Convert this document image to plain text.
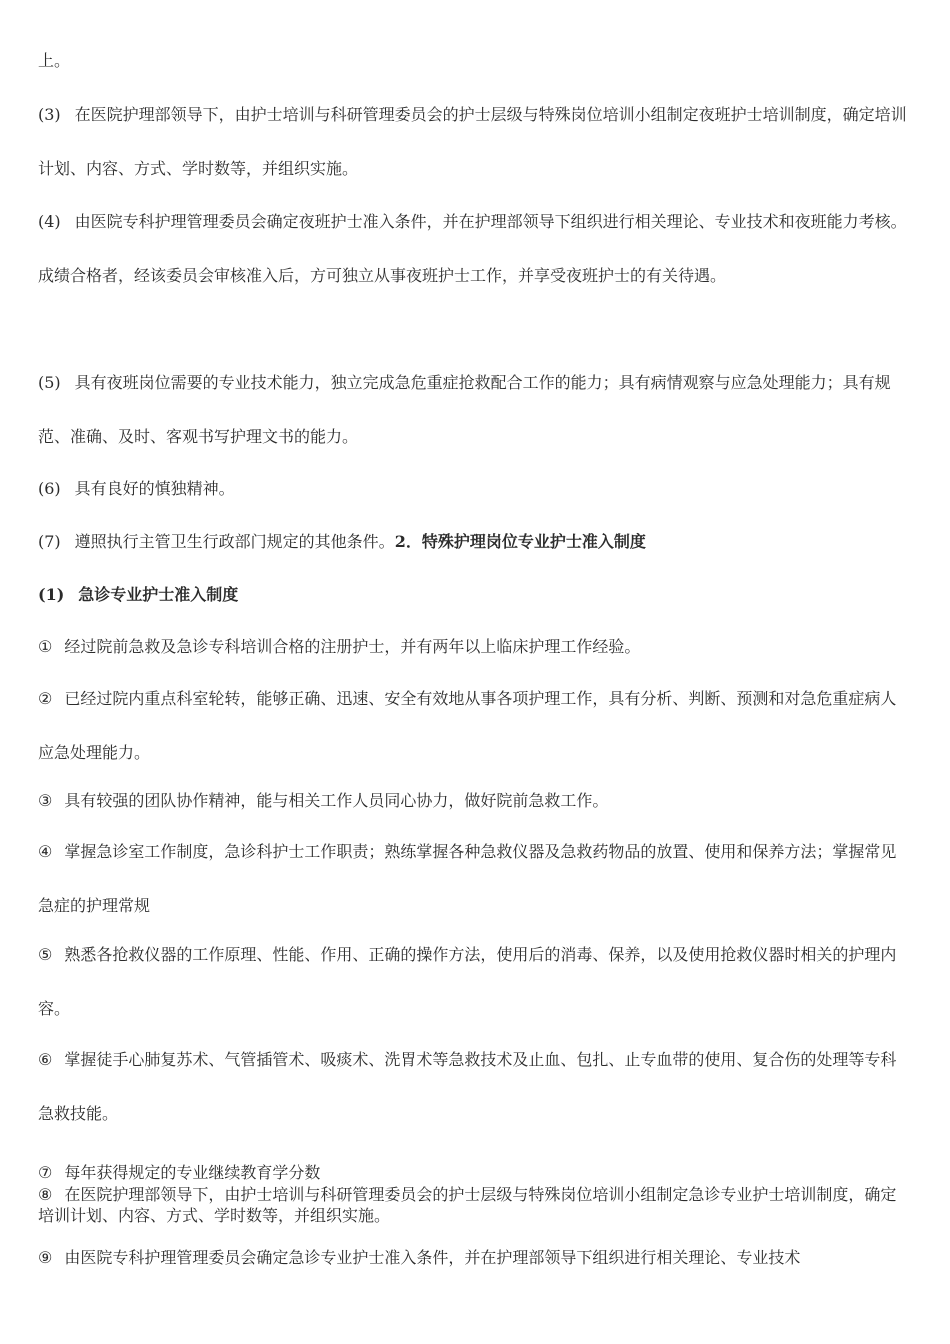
上。

(3) 在医院护理部领导下，由护士培训与科研管理委员会的护士层级与特殊岗位培训小组制定夜班护士培训制度，确定培训计划、内容、方式、学时数等，并组织实施。

(4) 由医院专科护理管理委员会确定夜班护士准入条件，并在护理部领导下组织进行相关理论、专业技术和夜班能力考核。成绩合格者，经该委员会审核准入后，方可独立从事夜班护士工作，并享受夜班护士的有关待遇。

(5) 具有夜班岗位需要的专业技术能力，独立完成急危重症抢救配合工作的能力；具有病情观察与应急处理能力；具有规范、准确、及时、客观书写护理文书的能力。

(6) 具有良好的慎独精神。

(7) 遵照执行主管卫生行政部门规定的其他条件。2．特殊护理岗位专业护士准入制度

(1) 急诊专业护士准入制度

① 经过院前急救及急诊专科培训合格的注册护士，并有两年以上临床护理工作经验。

② 已经过院内重点科室轮转，能够正确、迅速、安全有效地从事各项护理工作，具有分析、判断、预测和对急危重症病人应急处理能力。

③ 具有较强的团队协作精神，能与相关工作人员同心协力，做好院前急救工作。

④ 掌握急诊室工作制度，急诊科护士工作职责；熟练掌握各种急救仪器及急救药物品的放置、使用和保养方法；掌握常见急症的护理常规

⑤ 熟悉各抢救仪器的工作原理、性能、作用、正确的操作方法，使用后的消毒、保养，以及使用抢救仪器时相关的护理内容。

⑥ 掌握徒手心肺复苏术、气管插管术、吸痰术、洗胃术等急救技术及止血、包扎、止专血带的使用、复合伤的处理等专科急救技能。

⑦ 每年获得规定的专业继续教育学分数

⑧ 在医院护理部领导下，由护士培训与科研管理委员会的护士层级与特殊岗位培训小组制定急诊专业护士培训制度，确定培训计划、内容、方式、学时数等，并组织实施。

⑨ 由医院专科护理管理委员会确定急诊专业护士准入条件，并在护理部领导下组织进行相关理论、专业技术
